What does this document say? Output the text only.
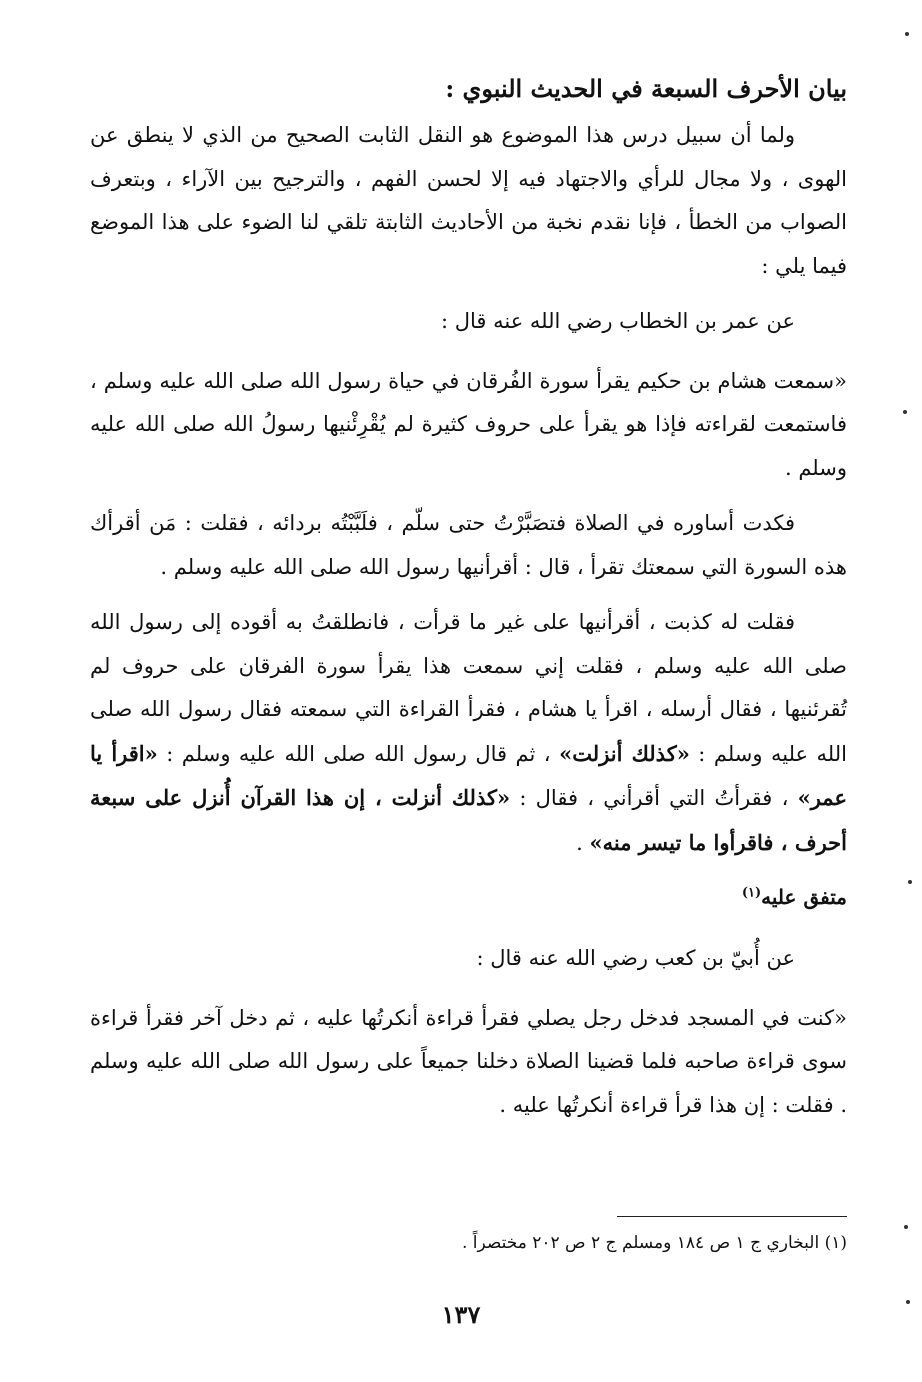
بيان الأحرف السبعة في الحديث النبوي :

ولما أن سبيل درس هذا الموضوع هو النقل الثابت الصحيح من الذي لا ينطق عن الهوى ، ولا مجال للرأي والاجتهاد فيه إلا لحسن الفهم ، والترجيح بين الآراء ، وبتعرف الصواب من الخطأ ، فإنا نقدم نخبة من الأحاديث الثابتة تلقي لنا الضوء على هذا الموضع فيما يلي :

عن عمر بن الخطاب رضي الله عنه قال :

«سمعت هشام بن حكيم يقرأ سورة الفُرقان في حياة رسول الله صلى الله عليه وسلم ، فاستمعت لقراءته فإذا هو يقرأ على حروف كثيرة لم يُقْرِئْنيها رسولُ الله صلى الله عليه وسلم .

فكدت أساوره في الصلاة فتصَبَّرْتُ حتى سلّم ، فلَبَّبْتُه بردائه ، فقلت : مَن أقرأك هذه السورة التي سمعتك تقرأ ، قال : أقرأنيها رسول الله صلى الله عليه وسلم .

فقلت له كذبت ، أقرأنيها على غير ما قرأت ، فانطلقتُ به أقوده إلى رسول الله صلى الله عليه وسلم ، فقلت إني سمعت هذا يقرأ سورة الفرقان على حروف لم تُقرئنيها ، فقال أرسله ، اقرأ يا هشام ، فقرأ القراءة التي سمعته فقال رسول الله صلى الله عليه وسلم : «كذلك أنزلت» ، ثم قال رسول الله صلى الله عليه وسلم : «اقرأ يا عمر» ، فقرأتُ التي أقرأني ، فقال : «كذلك أنزلت ، إن هذا القرآن أُنزل على سبعة أحرف ، فاقرأوا ما تيسر منه» .

متفق عليه$^{(١)}$

عن أُبيّ بن كعب رضي الله عنه قال :

«كنت في المسجد فدخل رجل يصلي فقرأ قراءة أنكرتُها عليه ، ثم دخل آخر فقرأ قراءة سوى قراءة صاحبه فلما قضينا الصلاة دخلنا جميعاً على رسول الله صلى الله عليه وسلم . فقلت : إن هذا قرأ قراءة أنكرتُها عليه .

(١) البخاري ج ١ ص ١٨٤ ومسلم ج ٢ ص ٢٠٢ مختصراً .
١٣٧
